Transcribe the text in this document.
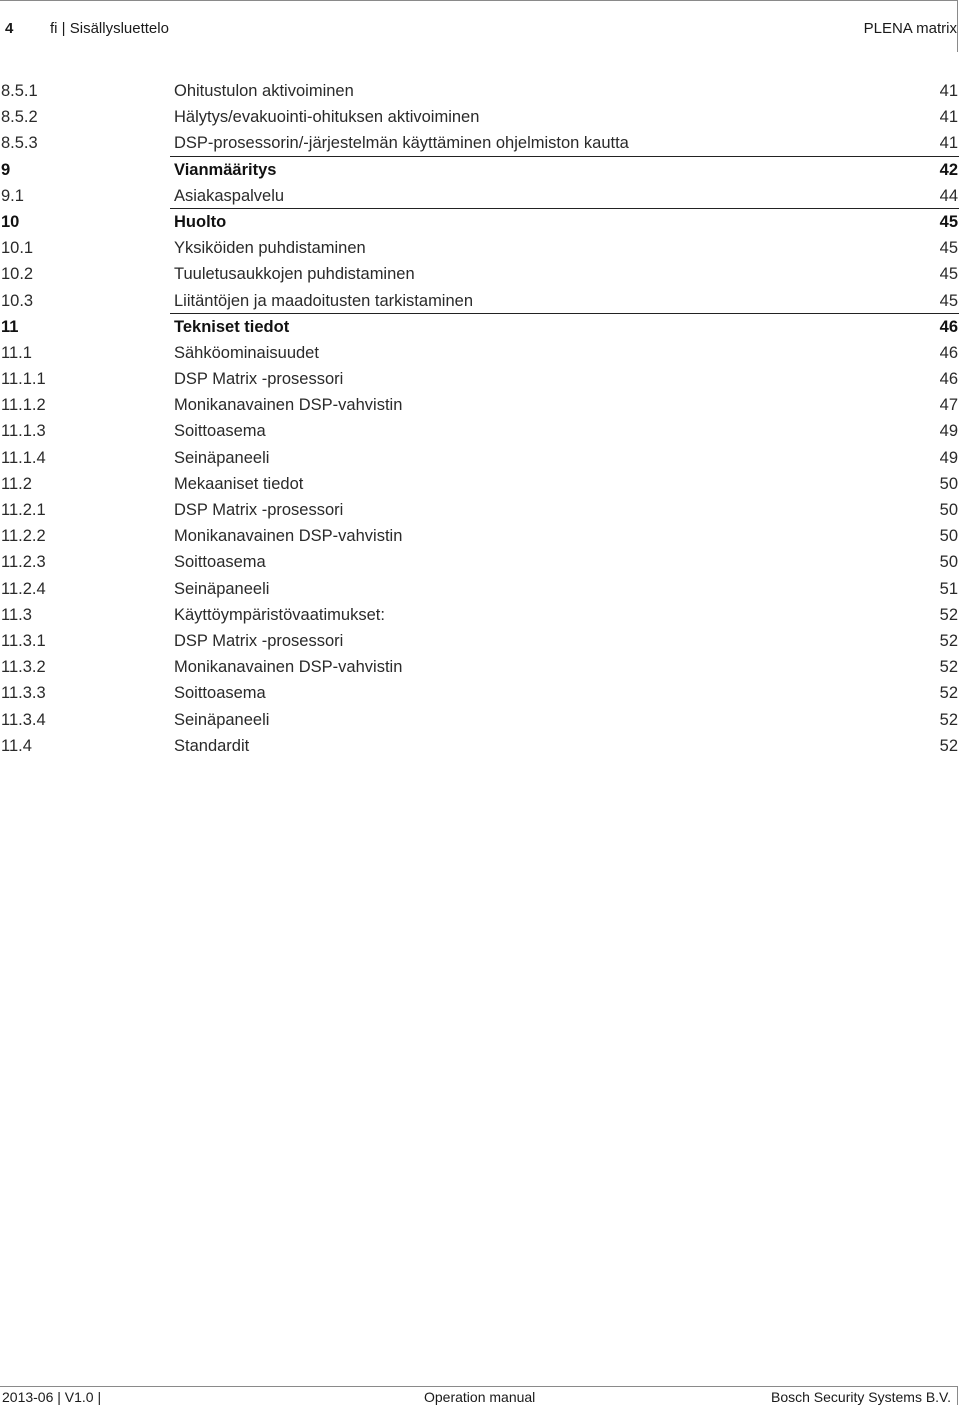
4 fi | Sisällysluettelo	PLENA matrix
8.5.1	Ohitustulon aktivoiminen	41
8.5.2	Hälytys/evakuointi-ohituksen aktivoiminen	41
8.5.3	DSP-prosessorin/-järjestelmän käyttäminen ohjelmiston kautta	41
9	Vianmääritys	42
9.1	Asiakaspalvelu	44
10	Huolto	45
10.1	Yksiköiden puhdistaminen	45
10.2	Tuuletusaukkojen puhdistaminen	45
10.3	Liitäntöjen ja maadoitusten tarkistaminen	45
11	Tekniset tiedot	46
11.1	Sähköominaisuudet	46
11.1.1	DSP Matrix -prosessori	46
11.1.2	Monikanavainen DSP-vahvistin	47
11.1.3	Soittoasema	49
11.1.4	Seinäpaneeli	49
11.2	Mekaaniset tiedot	50
11.2.1	DSP Matrix -prosessori	50
11.2.2	Monikanavainen DSP-vahvistin	50
11.2.3	Soittoasema	50
11.2.4	Seinäpaneeli	51
11.3	Käyttöympäristövaatimukset:	52
11.3.1	DSP Matrix -prosessori	52
11.3.2	Monikanavainen DSP-vahvistin	52
11.3.3	Soittoasema	52
11.3.4	Seinäpaneeli	52
11.4	Standardit	52
2013-06 | V1.0 |	Operation manual	Bosch Security Systems B.V.
